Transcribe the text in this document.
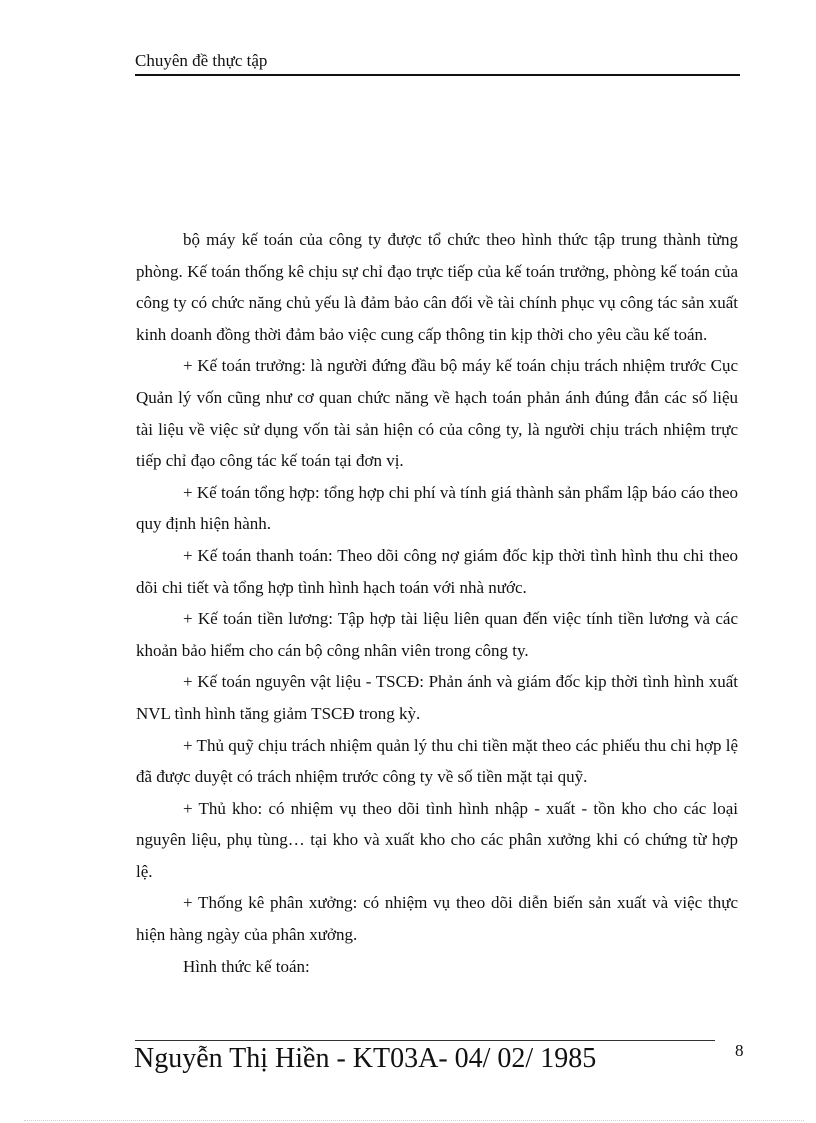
Chuyên đề thực tập

bộ máy kế toán của công ty được tổ chức theo hình thức tập trung thành từng phòng. Kế toán thống kê chịu sự chỉ đạo trực tiếp của kế toán trưởng, phòng kế toán của công ty có chức năng chủ yếu là đảm bảo cân đối về tài chính phục vụ công tác sản xuất kinh doanh đồng thời đảm bảo việc cung cấp thông tin kịp thời cho yêu cầu kế toán.

+ Kế toán trưởng: là người đứng đầu bộ máy kế toán chịu trách nhiệm trước Cục Quản lý vốn cũng như cơ quan chức năng về hạch toán phản ánh đúng đắn các số liệu tài liệu về việc sử dụng vốn tài sản hiện có của công ty, là người chịu trách nhiệm trực tiếp chỉ đạo công tác kế toán tại đơn vị.

+ Kế toán tổng hợp: tổng hợp chi phí và tính giá thành sản phẩm lập báo cáo theo quy định hiện hành.

+ Kế toán thanh toán: Theo dõi công nợ giám đốc kịp thời tình hình thu chi theo dõi chi tiết và tổng hợp tình hình hạch toán với nhà nước.

+ Kế toán tiền lương: Tập hợp tài liệu liên quan đến việc tính tiền lương và các khoản bảo hiểm cho cán bộ công nhân viên trong công ty.

+ Kế toán nguyên vật liệu - TSCĐ: Phản ánh và giám đốc kịp thời tình hình xuất NVL tình hình tăng giảm TSCĐ trong kỳ.

+ Thủ quỹ chịu trách nhiệm quản lý thu chi tiền mặt theo các phiếu thu chi hợp lệ đã được duyệt có trách nhiệm trước công ty về số tiền mặt tại quỹ.

+ Thủ kho: có nhiệm vụ theo dõi tình hình nhập - xuất - tồn kho cho các loại nguyên liệu, phụ tùng… tại kho và xuất kho cho các phân xưởng khi có chứng từ hợp lệ.

+ Thống kê phân xưởng: có nhiệm vụ theo dõi diễn biến sản xuất và việc thực hiện hàng ngày của phân xưởng.

Hình thức kế toán:

Nguyễn Thị Hiền - KT03A- 04/ 02/ 1985	8
